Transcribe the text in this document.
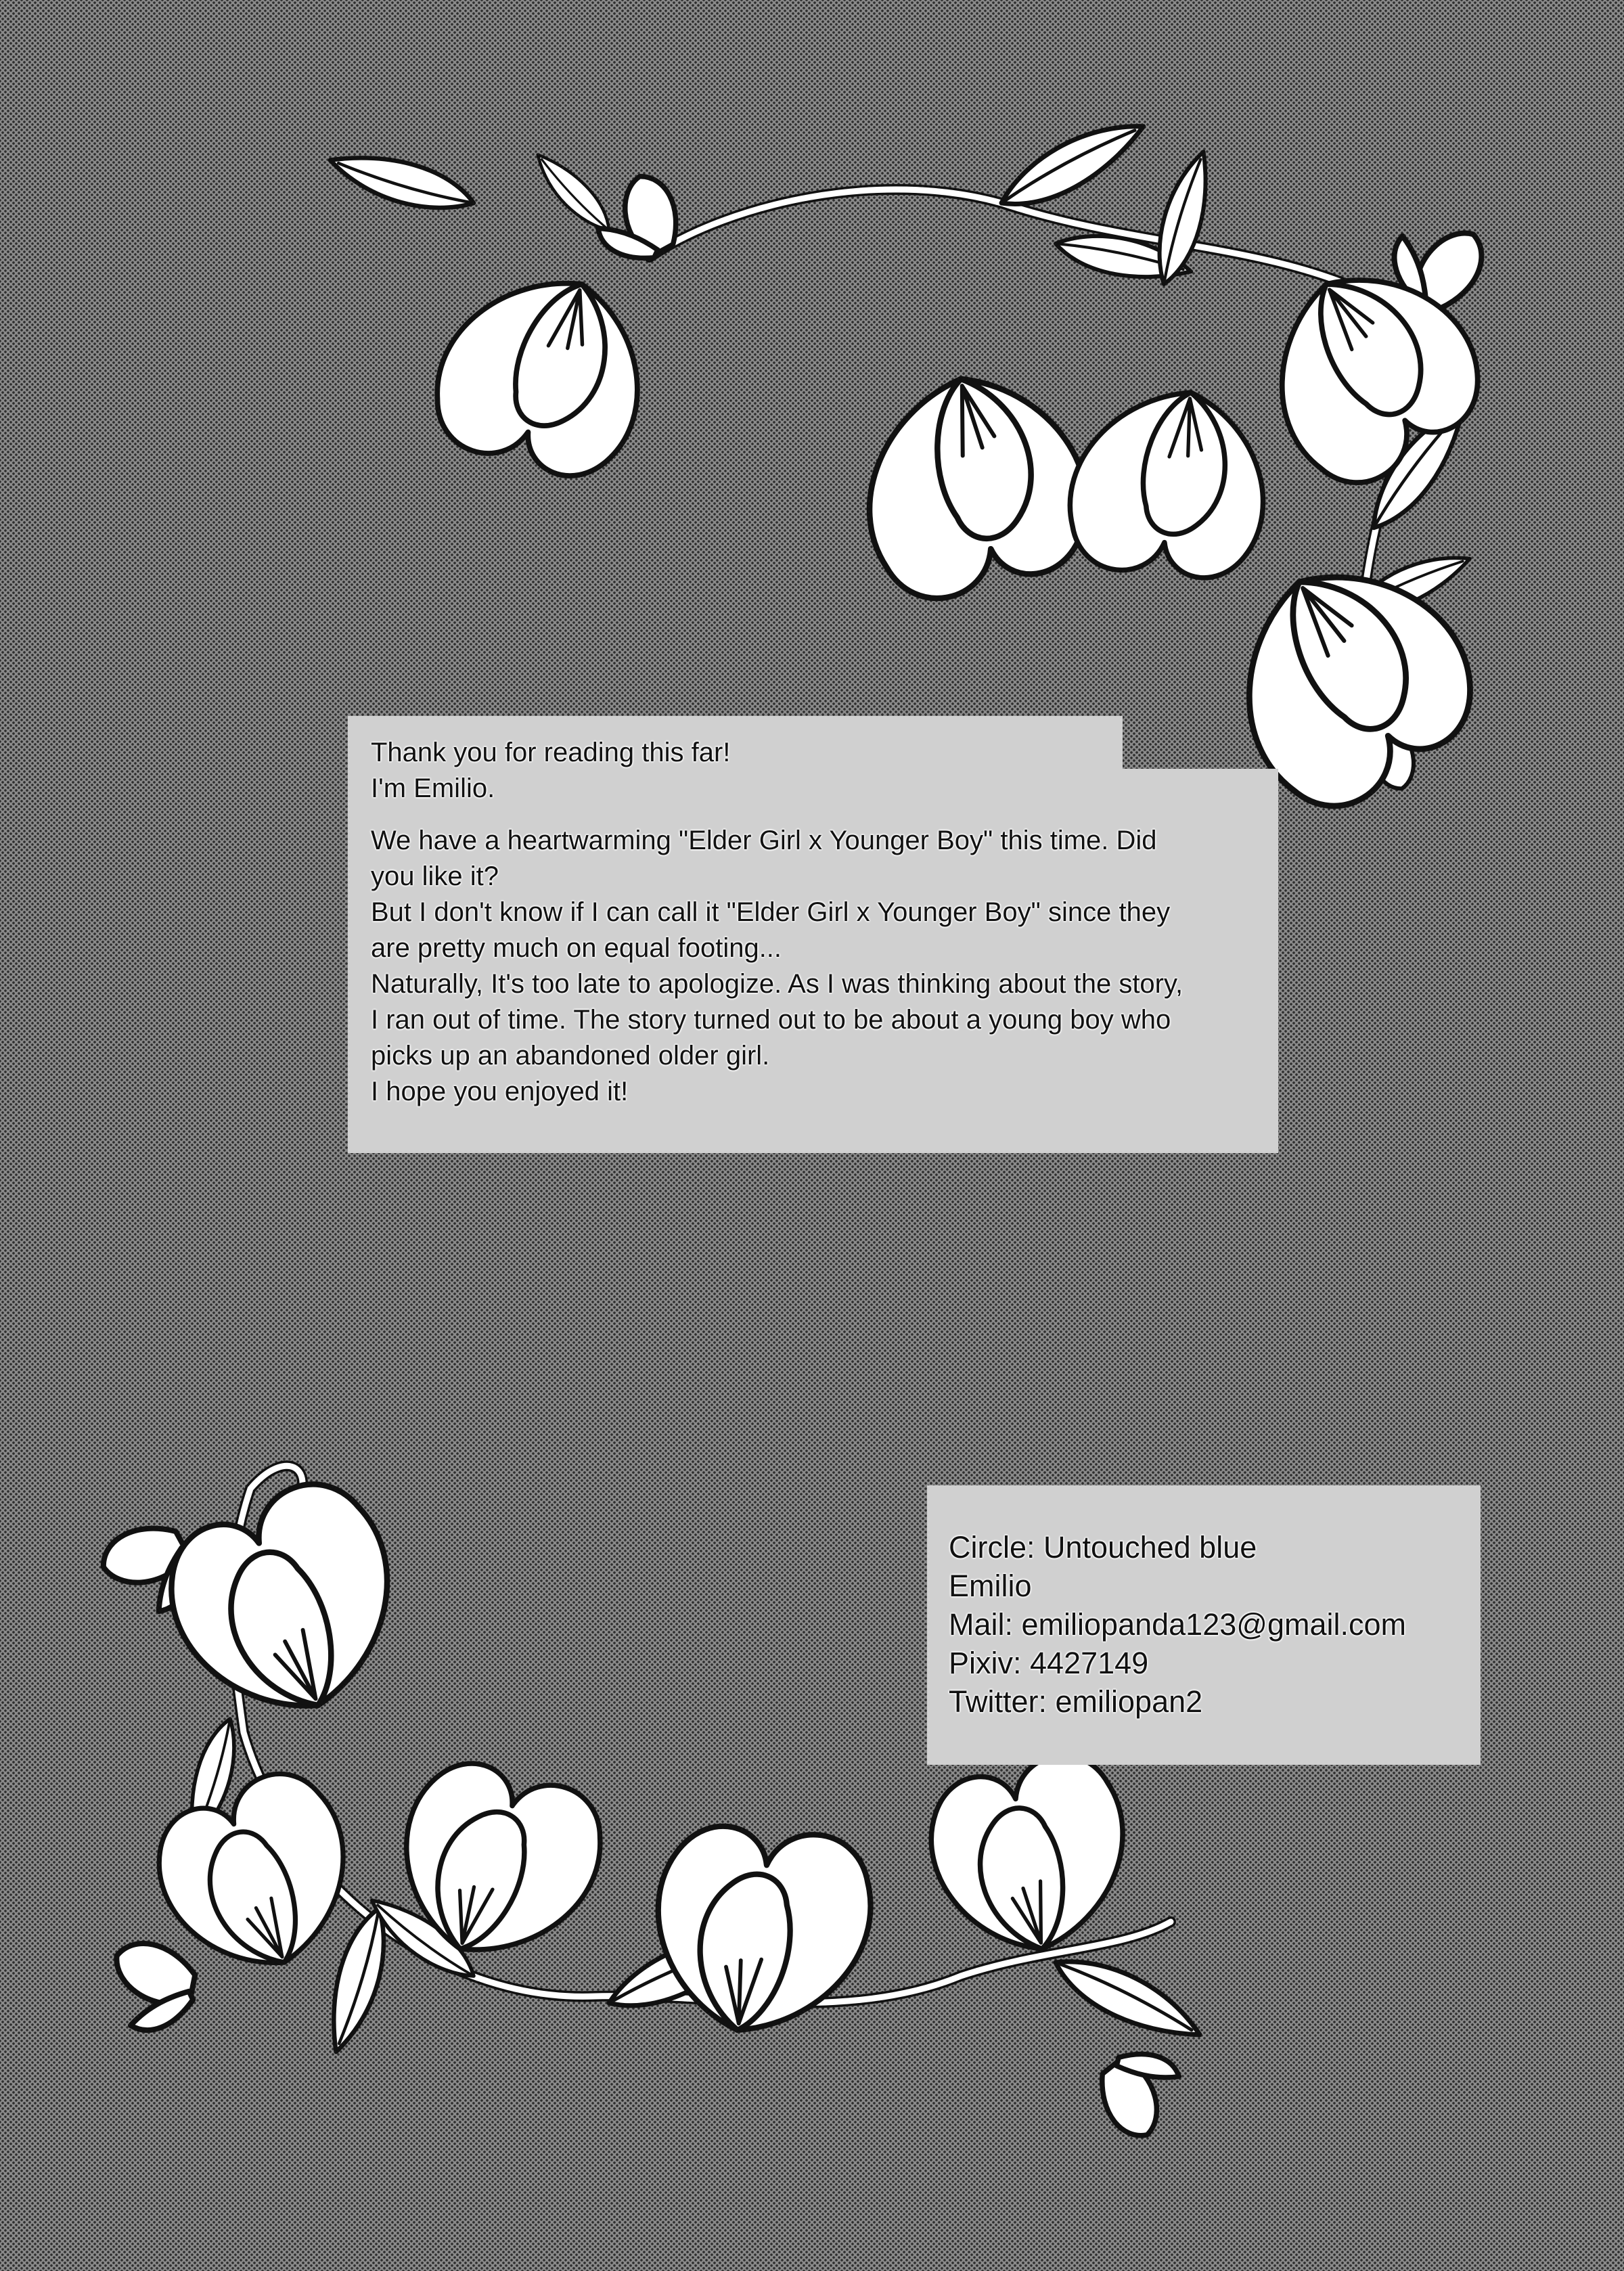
Thank you for reading this far!

I'm Emilio.

We have a heartwarming "Elder Girl x Younger Boy" this time. Did

you like it?

But I don't know if I can call it "Elder Girl x Younger Boy" since they

are pretty much on equal footing...

Naturally, It's too late to apologize. As I was thinking about the story,

I ran out of time. The story turned out to be about a young boy who

picks up an abandoned older girl.

I hope you enjoyed it!

Circle: Untouched blue

Emilio

Mail: emiliopanda123@gmail.com

Pixiv: 4427149

Twitter: emiliopan2
